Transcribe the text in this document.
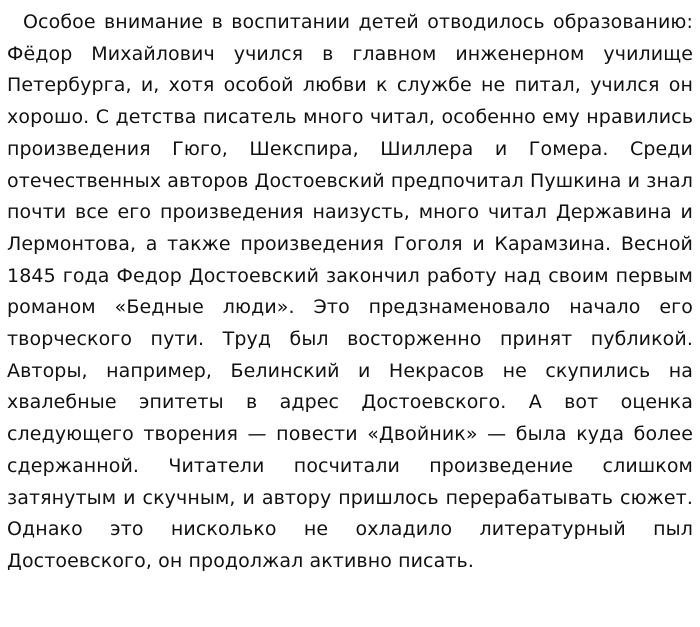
Особое внимание в воспитании детей отводилось образованию: Фёдор Михайлович учился в главном инженерном училище Петербурга, и, хотя особой любви к службе не питал, учился он хорошо. С детства писатель много читал, особенно ему нравились произведения Гюго, Шекспира, Шиллера и Гомера. Среди отечественных авторов Достоевский предпочитал Пушкина и знал почти все его произведения наизусть, много читал Державина и Лермонтова, а также произведения Гоголя и Карамзина. Весной 1845 года Федор Достоевский закончил работу над своим первым романом «Бедные люди». Это предзнаменовало начало его творческого пути. Труд был восторженно принят публикой. Авторы, например, Белинский и Некрасов не скупились на хвалебные эпитеты в адрес Достоевского. А вот оценка следующего творения — повести «Двойник» — была куда более сдержанной. Читатели посчитали произведение слишком затянутым и скучным, и автору пришлось перерабатывать сюжет. Однако это нисколько не охладило литературный пыл Достоевского, он продолжал активно писать.
